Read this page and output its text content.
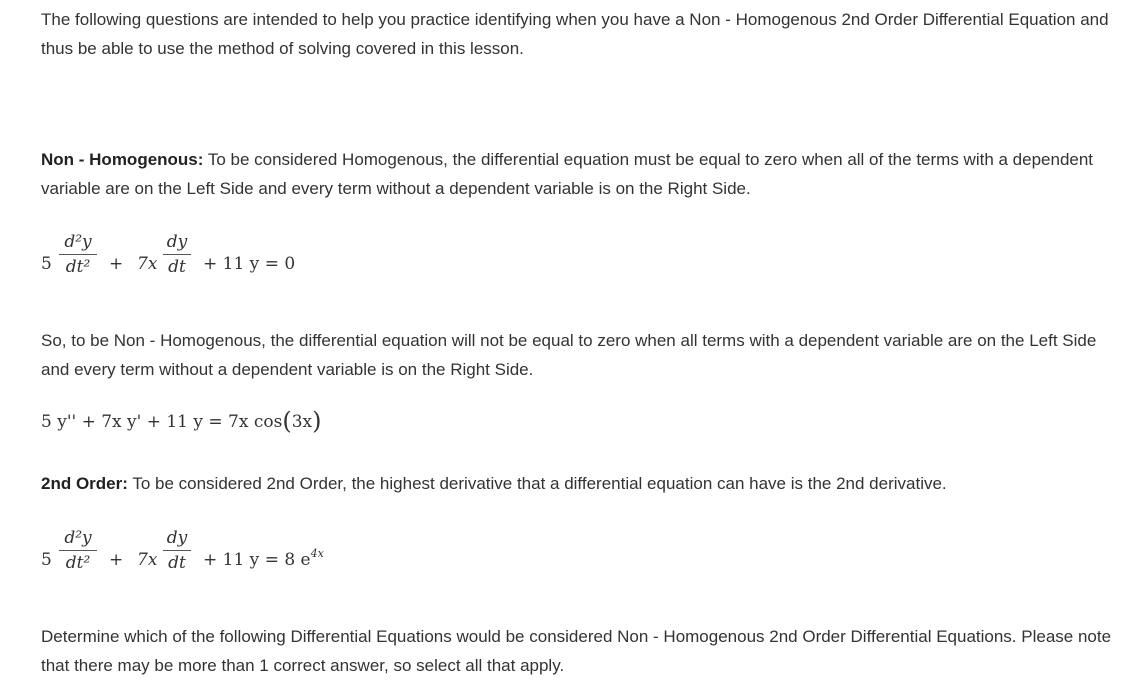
The following questions are intended to help you practice identifying when you have a Non - Homogenous 2nd Order Differential Equation and thus be able to use the method of solving covered in this lesson.

Non - Homogenous: To be considered Homogenous, the differential equation must be equal to zero when all of the terms with a dependent variable are on the Left Side and every term without a dependent variable is on the Right Side.

5
d²y
dt²	+ 7x
dy
dt	+ 11 y = 0

So, to be Non - Homogenous, the differential equation will not be equal to zero when all terms with a dependent variable are on the Left Side and every term without a dependent variable is on the Right Side.

5 y'' + 7x y' + 11 y = 7x cos(3x)

2nd Order: To be considered 2nd Order, the highest derivative that a differential equation can have is the 2nd derivative.

5
d²y
dt²	+ 7x
dy
dt	+ 11 y = 8 $e^{4x}$

Determine which of the following Differential Equations would be considered Non - Homogenous 2nd Order Differential Equations. Please note that there may be more than 1 correct answer, so select all that apply.
